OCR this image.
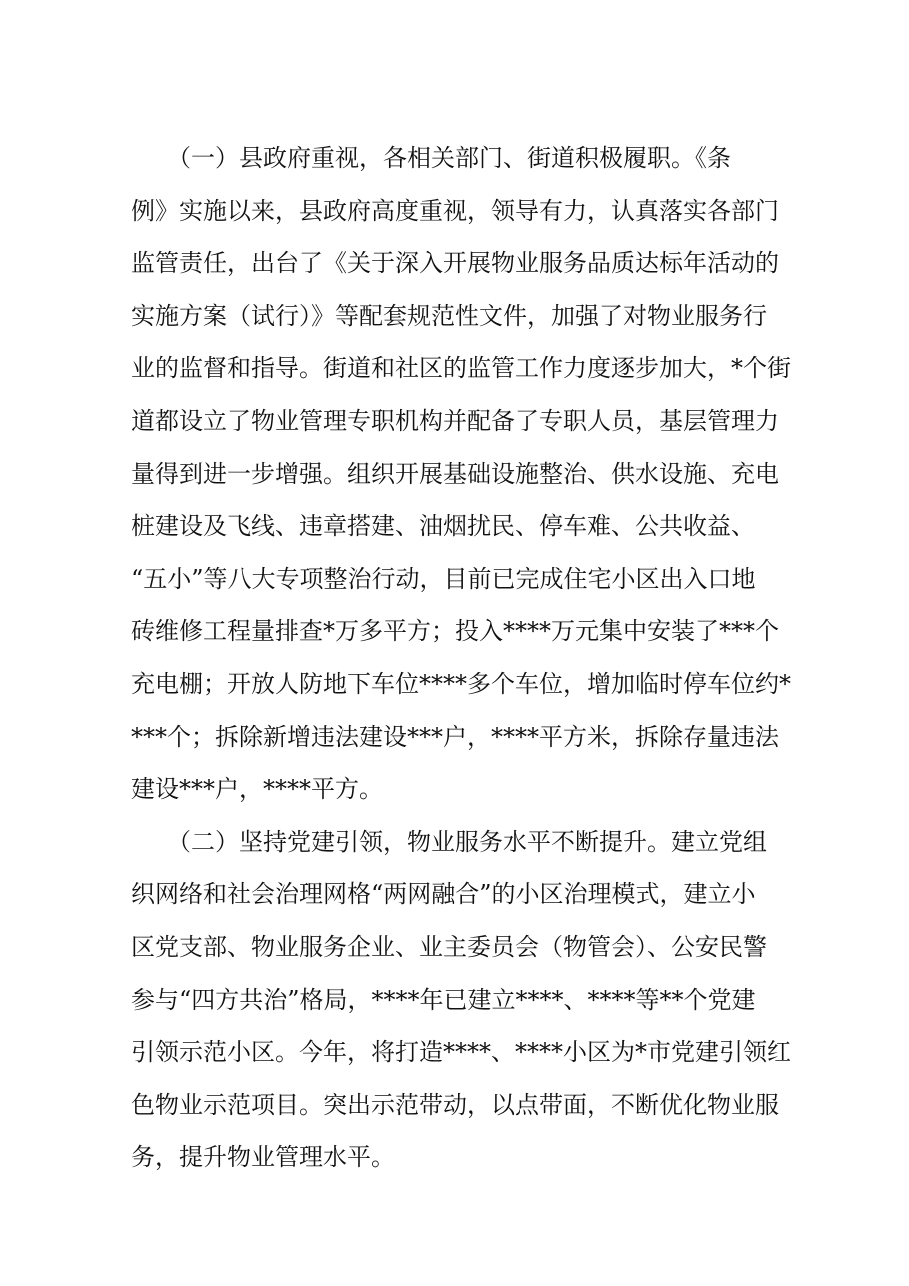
　　（一）县政府重视，各相关部门、街道积极履职。《条
例》实施以来，县政府高度重视，领导有力，认真落实各部门
监管责任，出台了《关于深入开展物业服务品质达标年活动的
实施方案（试行）》等配套规范性文件，加强了对物业服务行
业的监督和指导。街道和社区的监管工作力度逐步加大，*个街
道都设立了物业管理专职机构并配备了专职人员，基层管理力
量得到进一步增强。组织开展基础设施整治、供水设施、充电
桩建设及飞线、违章搭建、油烟扰民、停车难、公共收益、
“五小”等八大专项整治行动，目前已完成住宅小区出入口地
砖维修工程量排查*万多平方；投入****万元集中安装了***个
充电棚；开放人防地下车位****多个车位，增加临时停车位约*
***个；拆除新增违法建设***户，****平方米，拆除存量违法
建设***户，****平方。
　　（二）坚持党建引领，物业服务水平不断提升。建立党组
织网络和社会治理网格“两网融合”的小区治理模式，建立小
区党支部、物业服务企业、业主委员会（物管会）、公安民警
参与“四方共治”格局，****年已建立****、****等**个党建
引领示范小区。今年，将打造****、****小区为*市党建引领红
色物业示范项目。突出示范带动，以点带面，不断优化物业服
务，提升物业管理水平。
